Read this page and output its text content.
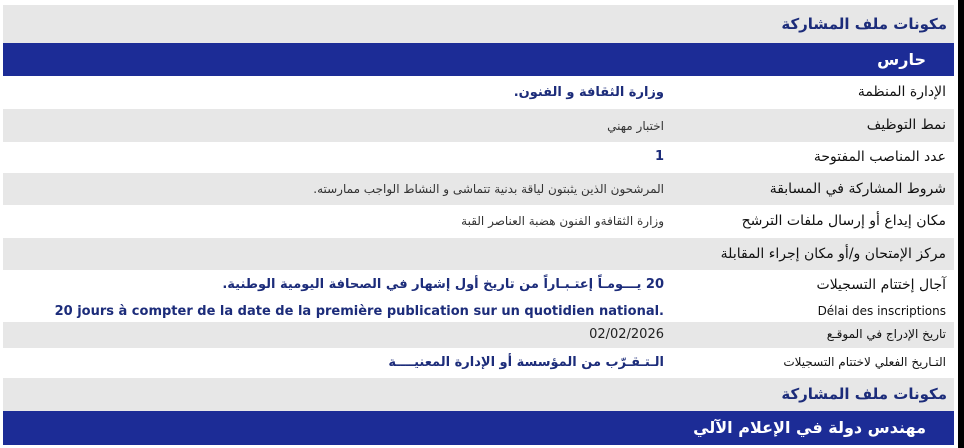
مكونات ملف المشاركة
حارس
الإدارة المنظمة
وزارة الثقافة و الفنون.
نمط التوظيف
اختبار مهني
عدد المناصب المفتوحة
1
شروط المشاركة في المسابقة
المرشحون الذين يثبتون لياقة بدنية تتماشى و النشاط الواجب ممارسته.
مكان إيداع أو إرسال ملفات الترشح
وزارة الثقافةو الفنون هضبة العناصر القبة
مركز الإمتحان و/أو مكان إجراء المقابلة
آجال إختتام التسجيلات
20 يـــومـاً إعتـبـاراً من تاريخ أول إشهار في الصحافة اليومية الوطنية.
Délai des inscriptions
20 jours à compter de la date de la première publication sur un quotidien national.
تاريخ الإدراج في الموقـع
02/02/2026
التـاريخ الفعلي لاختتام التسجيلات
الـتـقـرّب من المؤسسة أو الإدارة المعنيــــة
مكونات ملف المشاركة
مهندس دولة في الإعلام الآلي
